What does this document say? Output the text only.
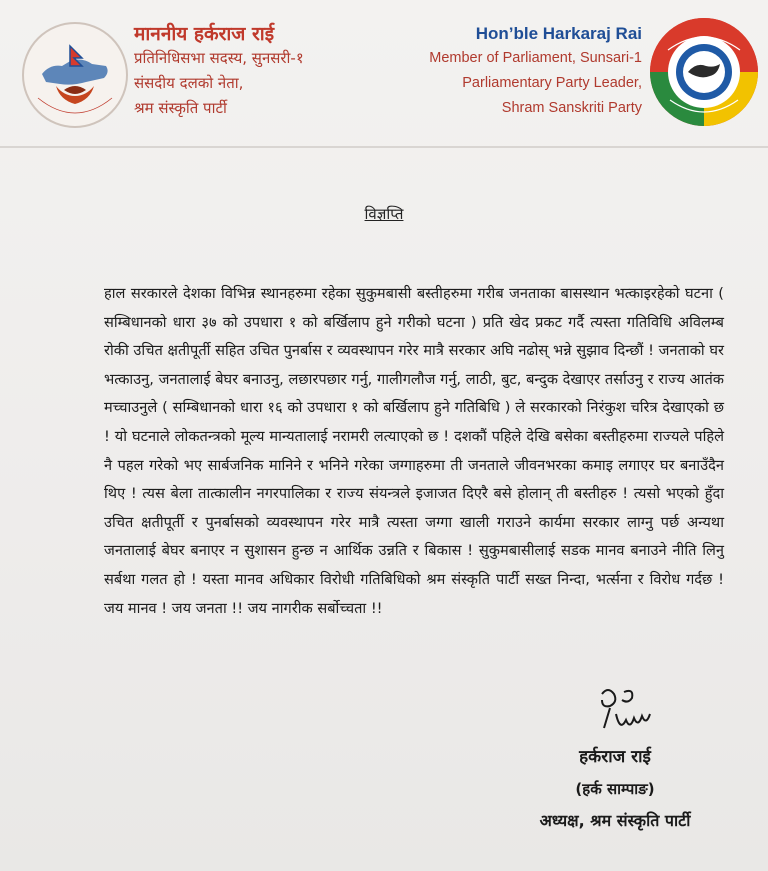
माननीय हर्कराज राई
प्रतिनिधिसभा सदस्य, सुनसरी-१
संसदीय दलको नेता,
श्रम संस्कृति पार्टी
Hon’ble Harkaraj Rai
Member of Parliament, Sunsari-1
Parliamentary Party Leader,
Shram Sanskriti Party
विज्ञप्ति
हाल सरकारले देशका विभिन्न स्थानहरुमा रहेका सुकुमबासी बस्तीहरुमा गरीब जनताका बासस्थान भत्काइरहेको घटना ( सम्बिधानको धारा ३७ को उपधारा १ को बर्खिलाप हुने गरीको घटना ) प्रति खेद प्रकट गर्दै त्यस्ता गतिविधि अविलम्ब रोकी उचित क्षतीपूर्ती सहित उचित पुनर्बास र व्यवस्थापन गरेर मात्रै सरकार अघि नढोस् भन्ने सुझाव दिन्छौं ! जनताको घर भत्काउनु, जनतालाई बेघर बनाउनु, लछारपछार गर्नु, गालीगलौज गर्नु, लाठी, बुट, बन्दुक देखाएर तर्साउनु र राज्य आतंक मच्चाउनुले ( सम्बिधानको धारा १६ को उपधारा १ को बर्खिलाप हुने गतिबिधि ) ले सरकारको निरंकुश चरित्र देखाएको छ ! यो घटनाले लोकतन्त्रको मूल्य मान्यतालाई नरामरी लत्याएको छ ! दशकौं पहिले देखि बसेका बस्तीहरुमा राज्यले पहिले नै पहल गरेको भए सार्बजनिक मानिने र भनिने गरेका जग्गाहरुमा ती जनताले जीवनभरका कमाइ लगाएर घर बनाउँदैन थिए ! त्यस बेला तात्कालीन नगरपालिका र राज्य संयन्त्रले इजाजत दिएरै बसे होलान् ती बस्तीहरु ! त्यसो भएको हुँदा उचित क्षतीपूर्ती र पुनर्बासको व्यवस्थापन गरेर मात्रै त्यस्ता जग्गा खाली गराउने कार्यमा सरकार लाग्नु पर्छ अन्यथा जनतालाई बेघर बनाएर न सुशासन हुन्छ न आर्थिक उन्नति र बिकास ! सुकुमबासीलाई सडक मानव बनाउने नीति लिनु सर्बथा गलत हो ! यस्ता मानव अधिकार विरोधी गतिबिधिको श्रम संस्कृति पार्टी सख्त निन्दा, भर्त्सना र विरोध गर्दछ ! जय मानव ! जय जनता !! जय नागरीक सर्बोच्चता !!
हर्कराज राई
(हर्क साम्पाङ)
अध्यक्ष, श्रम संस्कृति पार्टी
